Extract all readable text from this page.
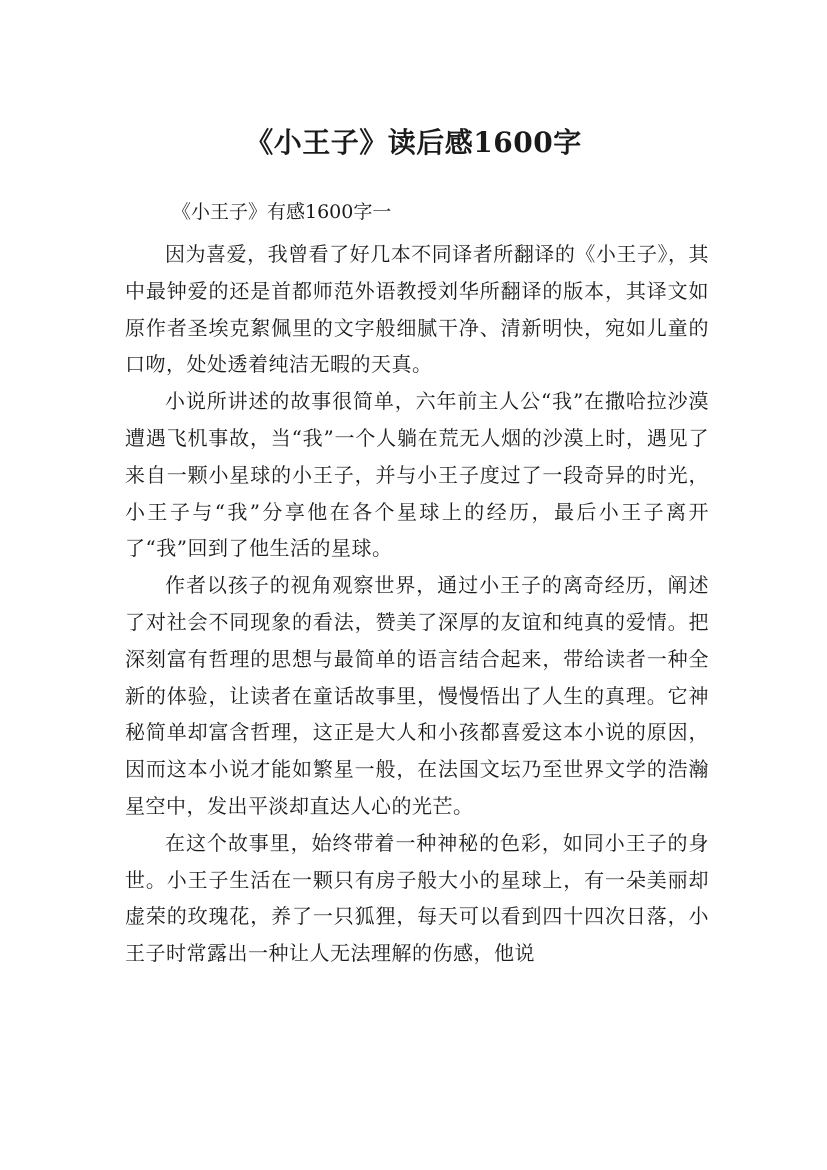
《小王子》读后感1600字
《小王子》有感1600字一

因为喜爱，我曾看了好几本不同译者所翻译的《小王子》，其中最钟爱的还是首都师范外语教授刘华所翻译的版本，其译文如原作者圣埃克絮佩里的文字般细腻干净、清新明快，宛如儿童的口吻，处处透着纯洁无暇的天真。

小说所讲述的故事很简单，六年前主人公“我”在撒哈拉沙漠遭遇飞机事故，当“我”一个人躺在荒无人烟的沙漠上时，遇见了来自一颗小星球的小王子，并与小王子度过了一段奇异的时光，小王子与“我”分享他在各个星球上的经历，最后小王子离开了“我”回到了他生活的星球。

作者以孩子的视角观察世界，通过小王子的离奇经历，阐述了对社会不同现象的看法，赞美了深厚的友谊和纯真的爱情。把深刻富有哲理的思想与最简单的语言结合起来，带给读者一种全新的体验，让读者在童话故事里，慢慢悟出了人生的真理。它神秘简单却富含哲理，这正是大人和小孩都喜爱这本小说的原因，因而这本小说才能如繁星一般，在法国文坛乃至世界文学的浩瀚星空中，发出平淡却直达人心的光芒。

在这个故事里，始终带着一种神秘的色彩，如同小王子的身世。小王子生活在一颗只有房子般大小的星球上，有一朵美丽却虚荣的玫瑰花，养了一只狐狸，每天可以看到四十四次日落，小王子时常露出一种让人无法理解的伤感，他说
